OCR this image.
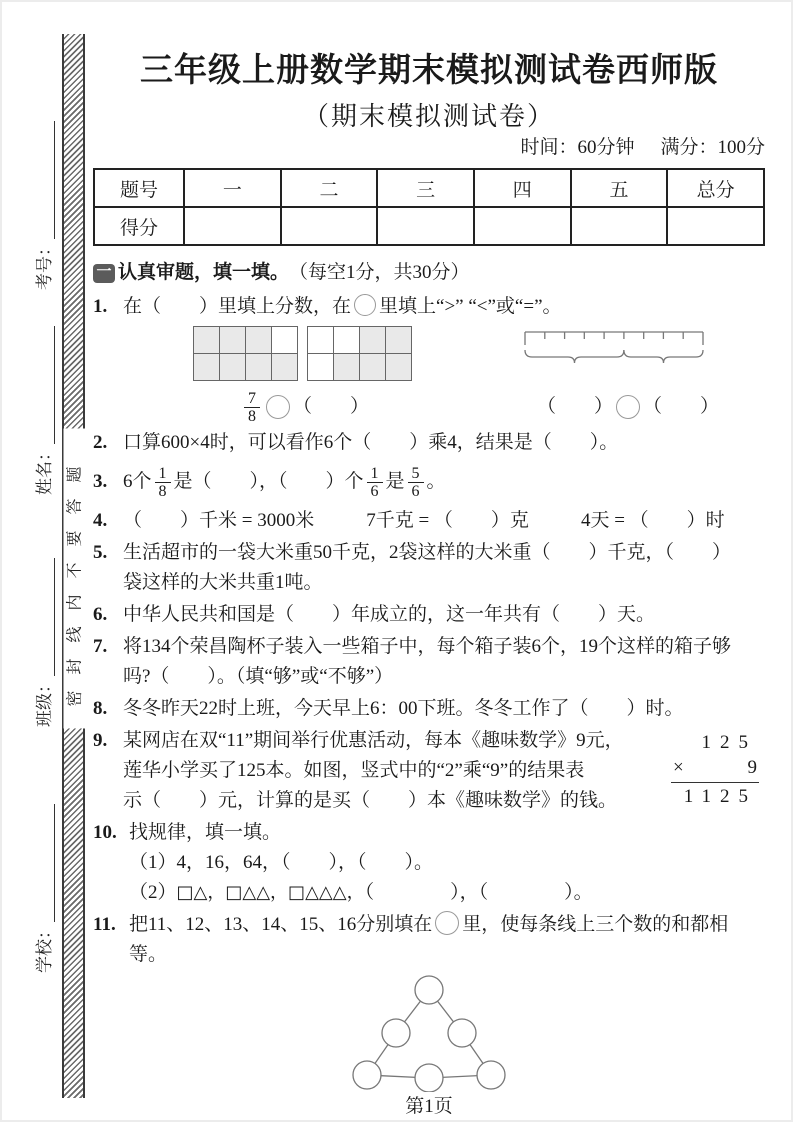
考号：
姓名：
班级：
学校：
密封线内不要答题
三年级上册数学期末模拟测试卷西师版
（期末模拟测试卷）
时间：60分钟 满分：100分
题号	一	二	三	四	五	总分
得分						
一 认真审题，填一填。 （每空1分，共30分）
1. 在（　　）里填上分数，在 里填上“>” “<”或“=”。
$\frac{7}{8}$ （　　）	（　　） （　　）
2. 口算600×4时，可以看作6个（　　）乘4，结果是（　　）。
3. 6个 $\frac{1}{8}$ 是（　　），（　　）个 $\frac{1}{6}$ 是 $\frac{5}{6}$ 。
4. （　　）千米 = 3000米	7千克 = （　　）克	4天 = （　　）时
5. 生活超市的一袋大米重50千克，2袋这样的大米重（　　）千克，（　　）
袋这样的大米共重1吨。
6. 中华人民共和国是（　　）年成立的，这一年共有（　　）天。
7. 将134个荣昌陶杯子装入一些箱子中，每个箱子装6个，19个这样的箱子够
吗?（　　）。（填“够”或“不够”）
8. 冬冬昨天22时上班，今天早上6：00下班。冬冬工作了（　　）时。
9. 某网店在双“11”期间举行优惠活动，每本《趣味数学》9元，
莲华小学买了125本。如图，竖式中的“2”乘“9”的结果表
示（　　）元，计算的是买（　　）本《趣味数学》的钱。
125
×	9
1125
10. 找规律，填一填。
（1）4，16，64，（　　），（　　）。
（2）□△，□△△，□△△△，（　　　　），（　　　　）。
11. 把11、12、13、14、15、16分别填在 里，使每条线上三个数的和都相等。
第1页
